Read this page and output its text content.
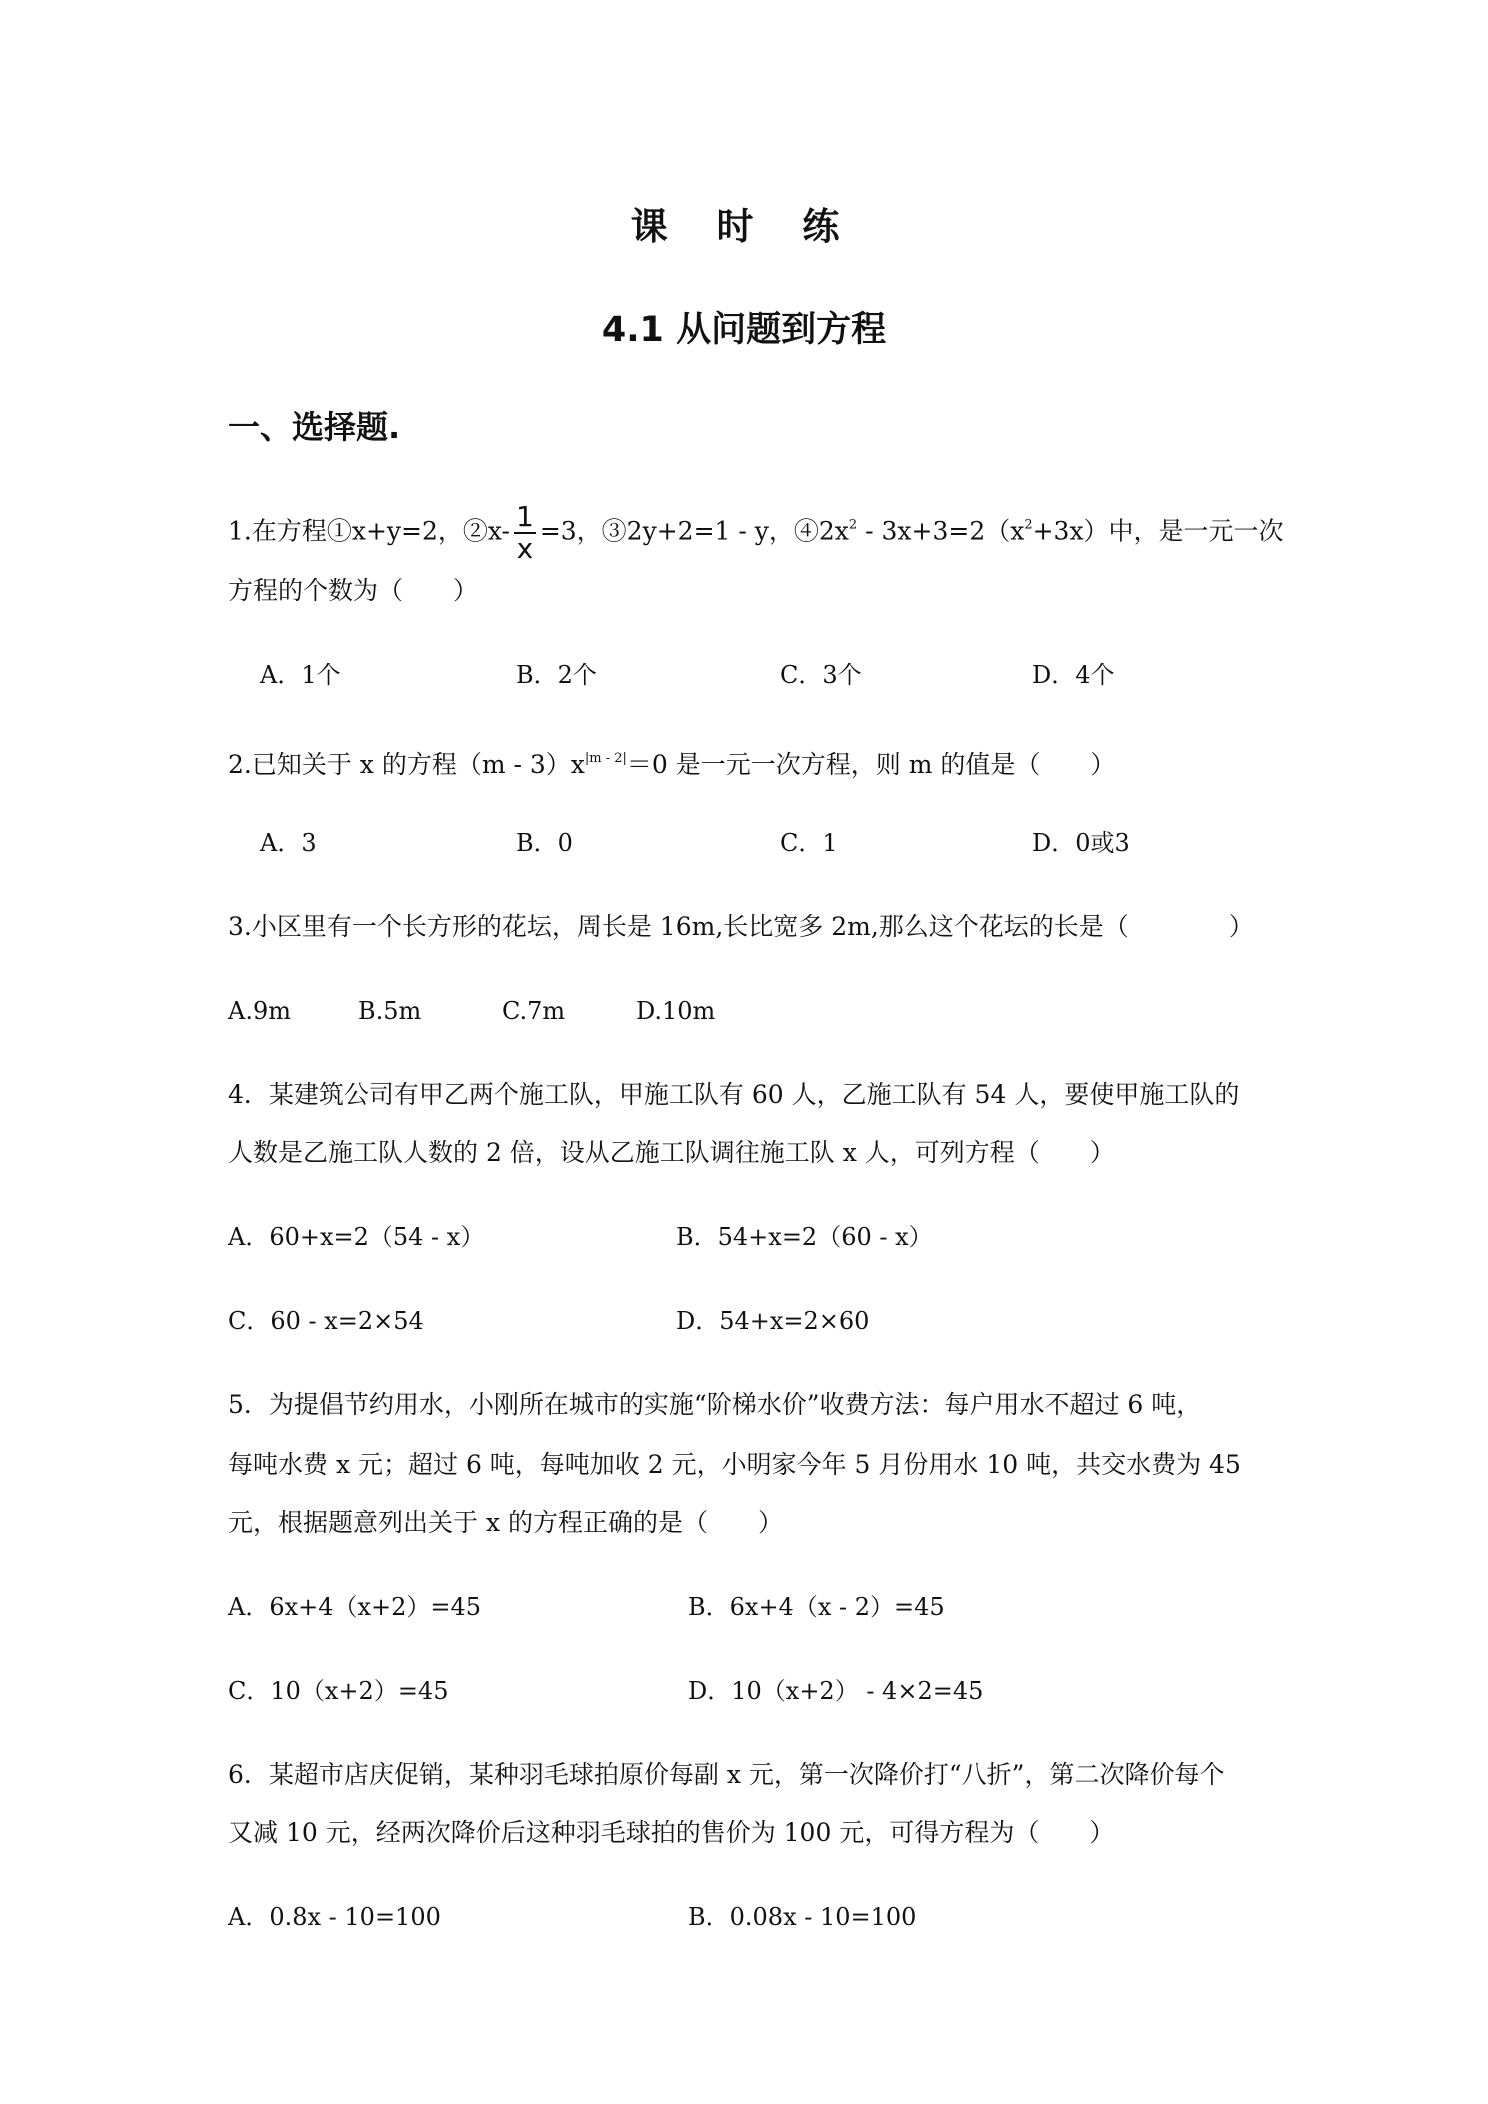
课 时 练
4.1 从问题到方程
一、选择题.
1.在方程①x+y=2，②x- $\frac{1}{x} =3$，③2y+2=1 - y，$④2x^2 - 3x+3=2(x^2+3x)$中，是一元一次
方程的个数为（　　）
A．1个	B．2个	C．3个	D．4个
2.已知关于 x 的方程$(m - 3)x^{|m - 2|}=0$ 是一元一次方程，则 m 的值是（　　）
A．3	B．0	C．1	D．0或3
3.小区里有一个长方形的花坛，周长是 16m,长比宽多 2m,那么这个花坛的长是（　　　　）
A.9m	B.5m	C.7m	D.10m
4．某建筑公司有甲乙两个施工队，甲施工队有 60 人，乙施工队有 54 人，要使甲施工队的
人数是乙施工队人数的 2 倍，设从乙施工队调往施工队 x 人，可列方程（　　）
A．60+x=2（54 - x）	B．54+x=2（60 - x）
C．60 - x=2×54	D．54+x=2×60
5．为提倡节约用水，小刚所在城市的实施“阶梯水价”收费方法：每户用水不超过 6 吨，
每吨水费 x 元；超过 6 吨，每吨加收 2 元，小明家今年 5 月份用水 10 吨，共交水费为 45
元，根据题意列出关于 x 的方程正确的是（　　）
A．6x+4（x+2）=45	B．6x+4（x - 2）=45
C．10（x+2）=45	D．10（x+2） - 4×2=45
6．某超市店庆促销，某种羽毛球拍原价每副 x 元，第一次降价打“八折”，第二次降价每个
又减 10 元，经两次降价后这种羽毛球拍的售价为 100 元，可得方程为（　　）
A．0.8x - 10=100	B．0.08x - 10=100
